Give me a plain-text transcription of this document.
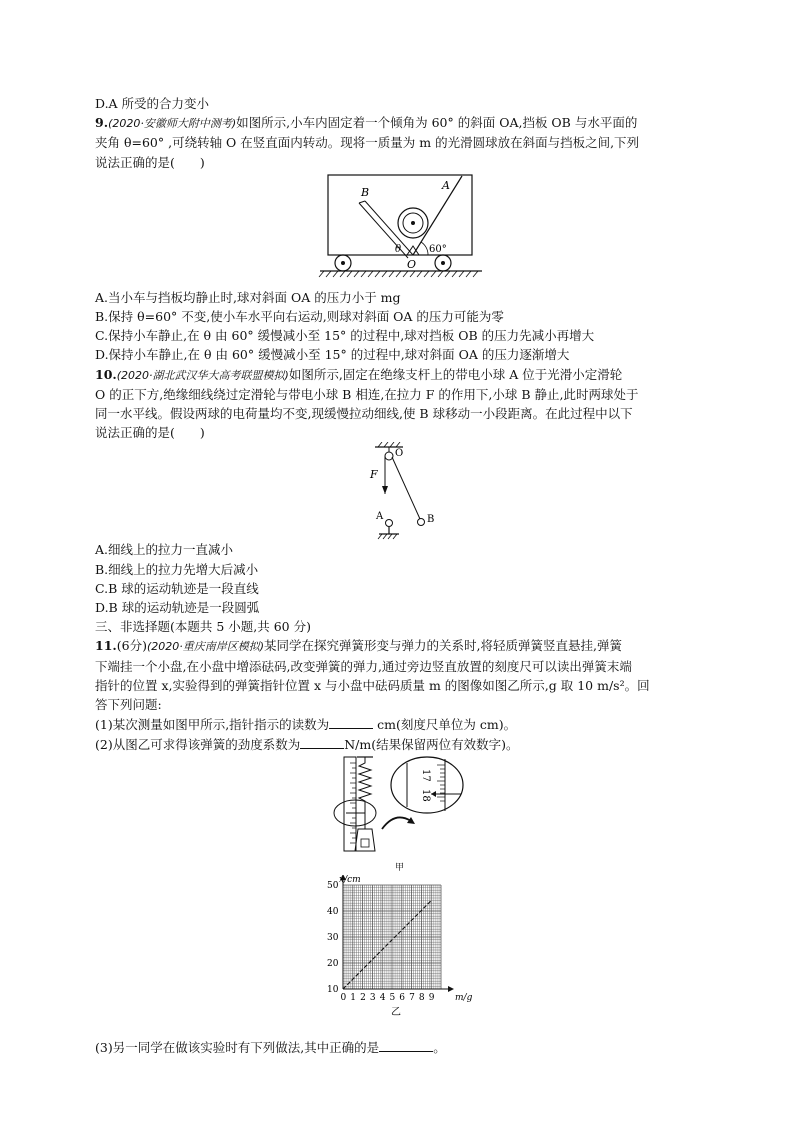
D.A 所受的合力变小
9.(2020·安徽师大附中测考)如图所示,小车内固定着一个倾角为 60° 的斜面 OA,挡板 OB 与水平面的
夹角 θ=60° ,可绕转轴 O 在竖直面内转动。现将一质量为 m 的光滑圆球放在斜面与挡板之间,下列
说法正确的是(　　)
B
A
θ	60°
O
A.当小车与挡板均静止时,球对斜面 OA 的压力小于 mg
B.保持 θ=60° 不变,使小车水平向右运动,则球对斜面 OA 的压力可能为零
C.保持小车静止,在 θ 由 60° 缓慢减小至 15° 的过程中,球对挡板 OB 的压力先减小再增大
D.保持小车静止,在 θ 由 60° 缓慢减小至 15° 的过程中,球对斜面 OA 的压力逐渐增大
10.(2020·湖北武汉华大高考联盟模拟)如图所示,固定在绝缘支杆上的带电小球 A 位于光滑小定滑轮
O 的正下方,绝缘细线绕过定滑轮与带电小球 B 相连,在拉力 F 的作用下,小球 B 静止,此时两球处于
同一水平线。假设两球的电荷量均不变,现缓慢拉动细线,使 B 球移动一小段距离。在此过程中以下
说法正确的是(　　)
O
F
B
A
A.细线上的拉力一直减小
B.细线上的拉力先增大后减小
C.B 球的运动轨迹是一段直线
D.B 球的运动轨迹是一段圆弧
三、非选择题(本题共 5 小题,共 60 分)
11.(6分)(2020·重庆南岸区模拟)某同学在探究弹簧形变与弹力的关系时,将轻质弹簧竖直悬挂,弹簧
下端挂一个小盘,在小盘中增添砝码,改变弹簧的弹力,通过旁边竖直放置的刻度尺可以读出弹簧末端
指针的位置 x,实验得到的弹簧指针位置 x 与小盘中砝码质量 m 的图像如图乙所示,g 取 10 m/s²。回
答下列问题:
(1)某次测量如图甲所示,指针指示的读数为	cm(刻度尺单位为 cm)。
(2)从图乙可求得该弹簧的劲度系数为	N/m(结果保留两位有效数字)。
17
18
甲
0 1 2 3 4 5 6 7 8 9
10
20
30
40
50
m/g
x/cm
乙
(3)另一同学在做该实验时有下列做法,其中正确的是	。
